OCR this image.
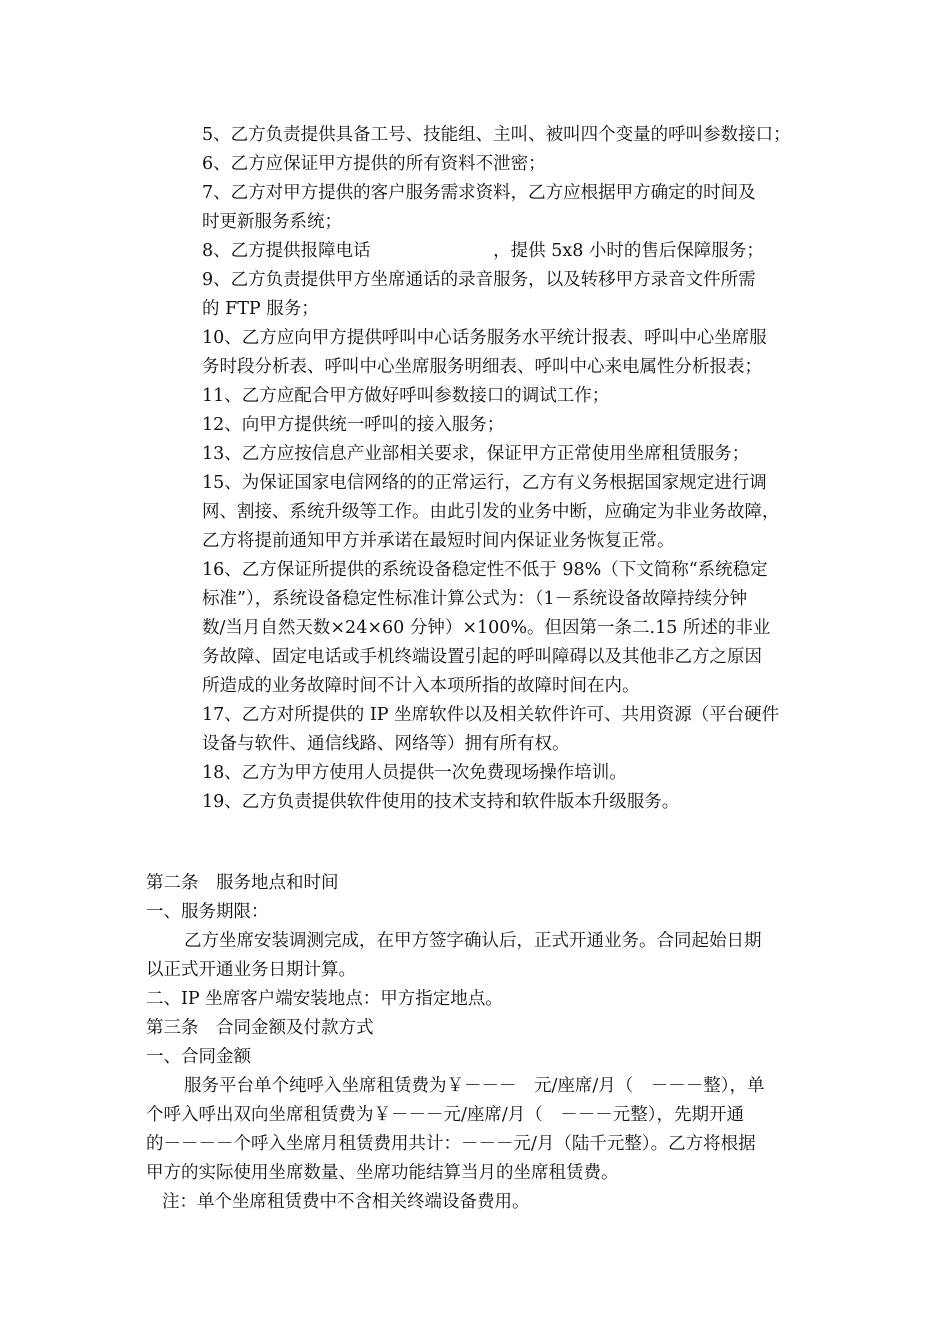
5、乙方负责提供具备工号、技能组、主叫、被叫四个变量的呼叫参数接口；
6、乙方应保证甲方提供的所有资料不泄密；
7、乙方对甲方提供的客户服务需求资料，乙方应根据甲方确定的时间及
时更新服务系统；
8、乙方提供报障电话　　　　　　　，提供 5x8 小时的售后保障服务；
9、乙方负责提供甲方坐席通话的录音服务，以及转移甲方录音文件所需
的 FTP 服务；
10、乙方应向甲方提供呼叫中心话务服务水平统计报表、呼叫中心坐席服
务时段分析表、呼叫中心坐席服务明细表、呼叫中心来电属性分析报表；
11、乙方应配合甲方做好呼叫参数接口的调试工作；
12、向甲方提供统一呼叫的接入服务；
13、乙方应按信息产业部相关要求，保证甲方正常使用坐席租赁服务；
15、为保证国家电信网络的的正常运行，乙方有义务根据国家规定进行调
网、割接、系统升级等工作。由此引发的业务中断，应确定为非业务故障，
乙方将提前通知甲方并承诺在最短时间内保证业务恢复正常。
16、乙方保证所提供的系统设备稳定性不低于 98%（下文简称“系统稳定
标准”），系统设备稳定性标准计算公式为：（1－系统设备故障持续分钟
数/当月自然天数×24×60 分钟）×100%。但因第一条二.15 所述的非业
务故障、固定电话或手机终端设置引起的呼叫障碍以及其他非乙方之原因
所造成的业务故障时间不计入本项所指的故障时间在内。
17、乙方对所提供的 IP 坐席软件以及相关软件许可、共用资源（平台硬件
设备与软件、通信线路、网络等）拥有所有权。
18、乙方为甲方使用人员提供一次免费现场操作培训。
19、乙方负责提供软件使用的技术支持和软件版本升级服务。
第二条　服务地点和时间
一、服务期限：
乙方坐席安装调测完成，在甲方签字确认后，正式开通业务。合同起始日期
以正式开通业务日期计算。
二、IP 坐席客户端安装地点：甲方指定地点。
第三条　合同金额及付款方式
一、合同金额
服务平台单个纯呼入坐席租赁费为￥－－－　元/座席/月（　－－－整），单
个呼入呼出双向坐席租赁费为￥－－－元/座席/月（　－－－元整），先期开通
的－－－－个呼入坐席月租赁费用共计：－－－元/月（陆千元整）。乙方将根据
甲方的实际使用坐席数量、坐席功能结算当月的坐席租赁费。
注：单个坐席租赁费中不含相关终端设备费用。
